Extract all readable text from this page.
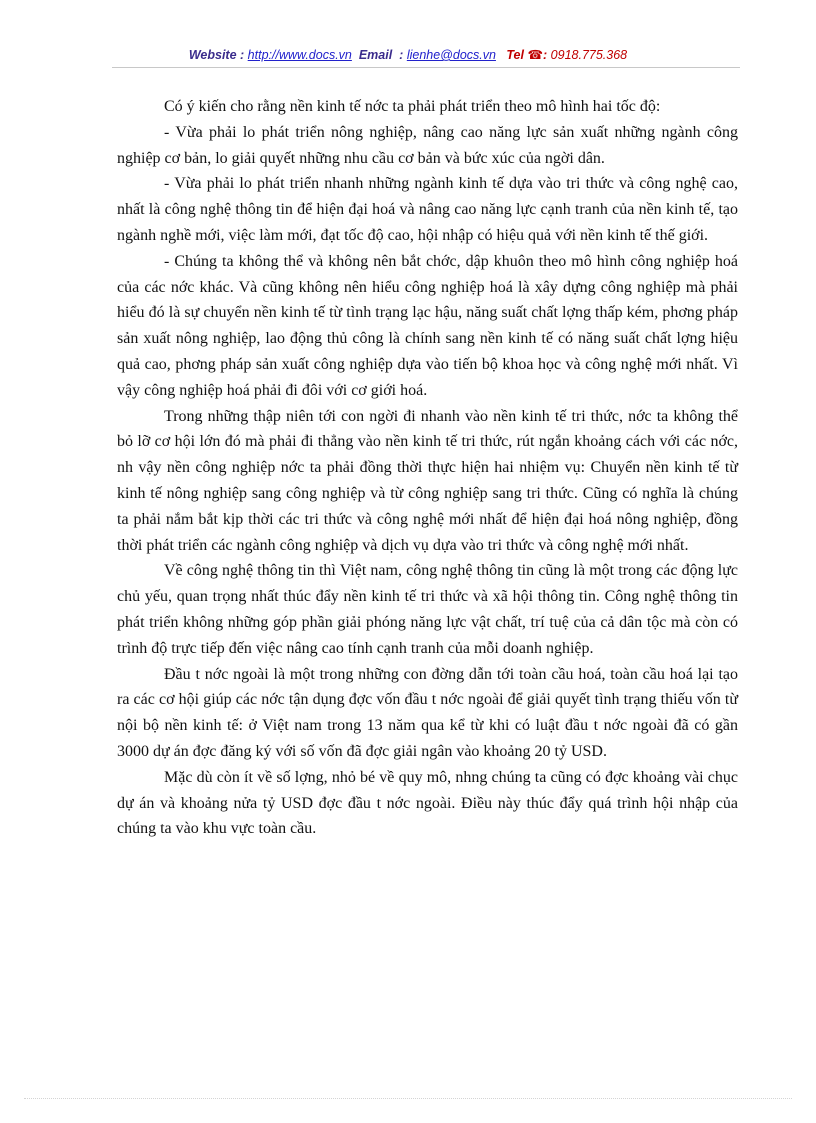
Website : http://www.docs.vn Email : lienhe@docs.vn Tel ☎: 0918.775.368

Có ý kiến cho rằng nền kinh tế nớc ta phải phát triển theo mô hình hai tốc độ:

- Vừa phải lo phát triển nông nghiệp, nâng cao năng lực sản xuất những ngành công nghiệp cơ bản, lo giải quyết những nhu cầu cơ bản và bức xúc của ngời dân.

- Vừa phải lo phát triển nhanh những ngành kinh tế dựa vào tri thức và công nghệ cao, nhất là công nghệ thông tin để hiện đại hoá và nâng cao năng lực cạnh tranh của nền kinh tế, tạo ngành nghề mới, việc làm mới, đạt tốc độ cao, hội nhập có hiệu quả với nền kinh tế thế giới.

- Chúng ta không thể và không nên bắt chớc, dập khuôn theo mô hình công nghiệp hoá của các nớc khác. Và cũng không nên hiểu công nghiệp hoá là xây dựng công nghiệp mà phải hiểu đó là sự chuyển nền kinh tế từ tình trạng lạc hậu, năng suất chất lợng thấp kém, phơng pháp sản xuất nông nghiệp, lao động thủ công là chính sang nền kinh tế có năng suất chất lợng hiệu quả cao, phơng pháp sản xuất công nghiệp dựa vào tiến bộ khoa học và công nghệ mới nhất. Vì vậy công nghiệp hoá phải đi đôi với cơ giới hoá.

Trong những thập niên tới con ngời đi nhanh vào nền kinh tế tri thức, nớc ta không thể bỏ lỡ cơ hội lớn đó mà phải đi thẳng vào nền kinh tế tri thức, rút ngắn khoảng cách với các nớc, nh vậy nền công nghiệp nớc ta phải đồng thời thực hiện hai nhiệm vụ: Chuyển nền kinh tế từ kinh tế nông nghiệp sang công nghiệp và từ công nghiệp sang tri thức. Cũng có nghĩa là chúng ta phải nắm bắt kịp thời các tri thức và công nghệ mới nhất để hiện đại hoá nông nghiệp, đồng thời phát triển các ngành công nghiệp và dịch vụ dựa vào tri thức và công nghệ mới nhất.

Về công nghệ thông tin thì Việt nam, công nghệ thông tin cũng là một trong các động lực chủ yếu, quan trọng nhất thúc đẩy nền kinh tế tri thức và xã hội thông tin. Công nghệ thông tin phát triển không những góp phần giải phóng năng lực vật chất, trí tuệ của cả dân tộc mà còn có trình độ trực tiếp đến việc nâng cao tính cạnh tranh của mỗi doanh nghiệp.

Đầu t nớc ngoài là một trong những con đờng dẫn tới toàn cầu hoá, toàn cầu hoá lại tạo ra các cơ hội giúp các nớc tận dụng đợc vốn đầu t nớc ngoài để giải quyết tình trạng thiếu vốn từ nội bộ nền kinh tế: ở Việt nam trong 13 năm qua kể từ khi có luật đầu t nớc ngoài đã có gần 3000 dự án đợc đăng ký với số vốn đã đợc giải ngân vào khoảng 20 tỷ USD.

Mặc dù còn ít về số lợng, nhỏ bé về quy mô, nhng chúng ta cũng có đợc khoảng vài chục dự án và khoảng nửa tỷ USD đợc đầu t nớc ngoài. Điều này thúc đẩy quá trình hội nhập của chúng ta vào khu vực toàn cầu.
